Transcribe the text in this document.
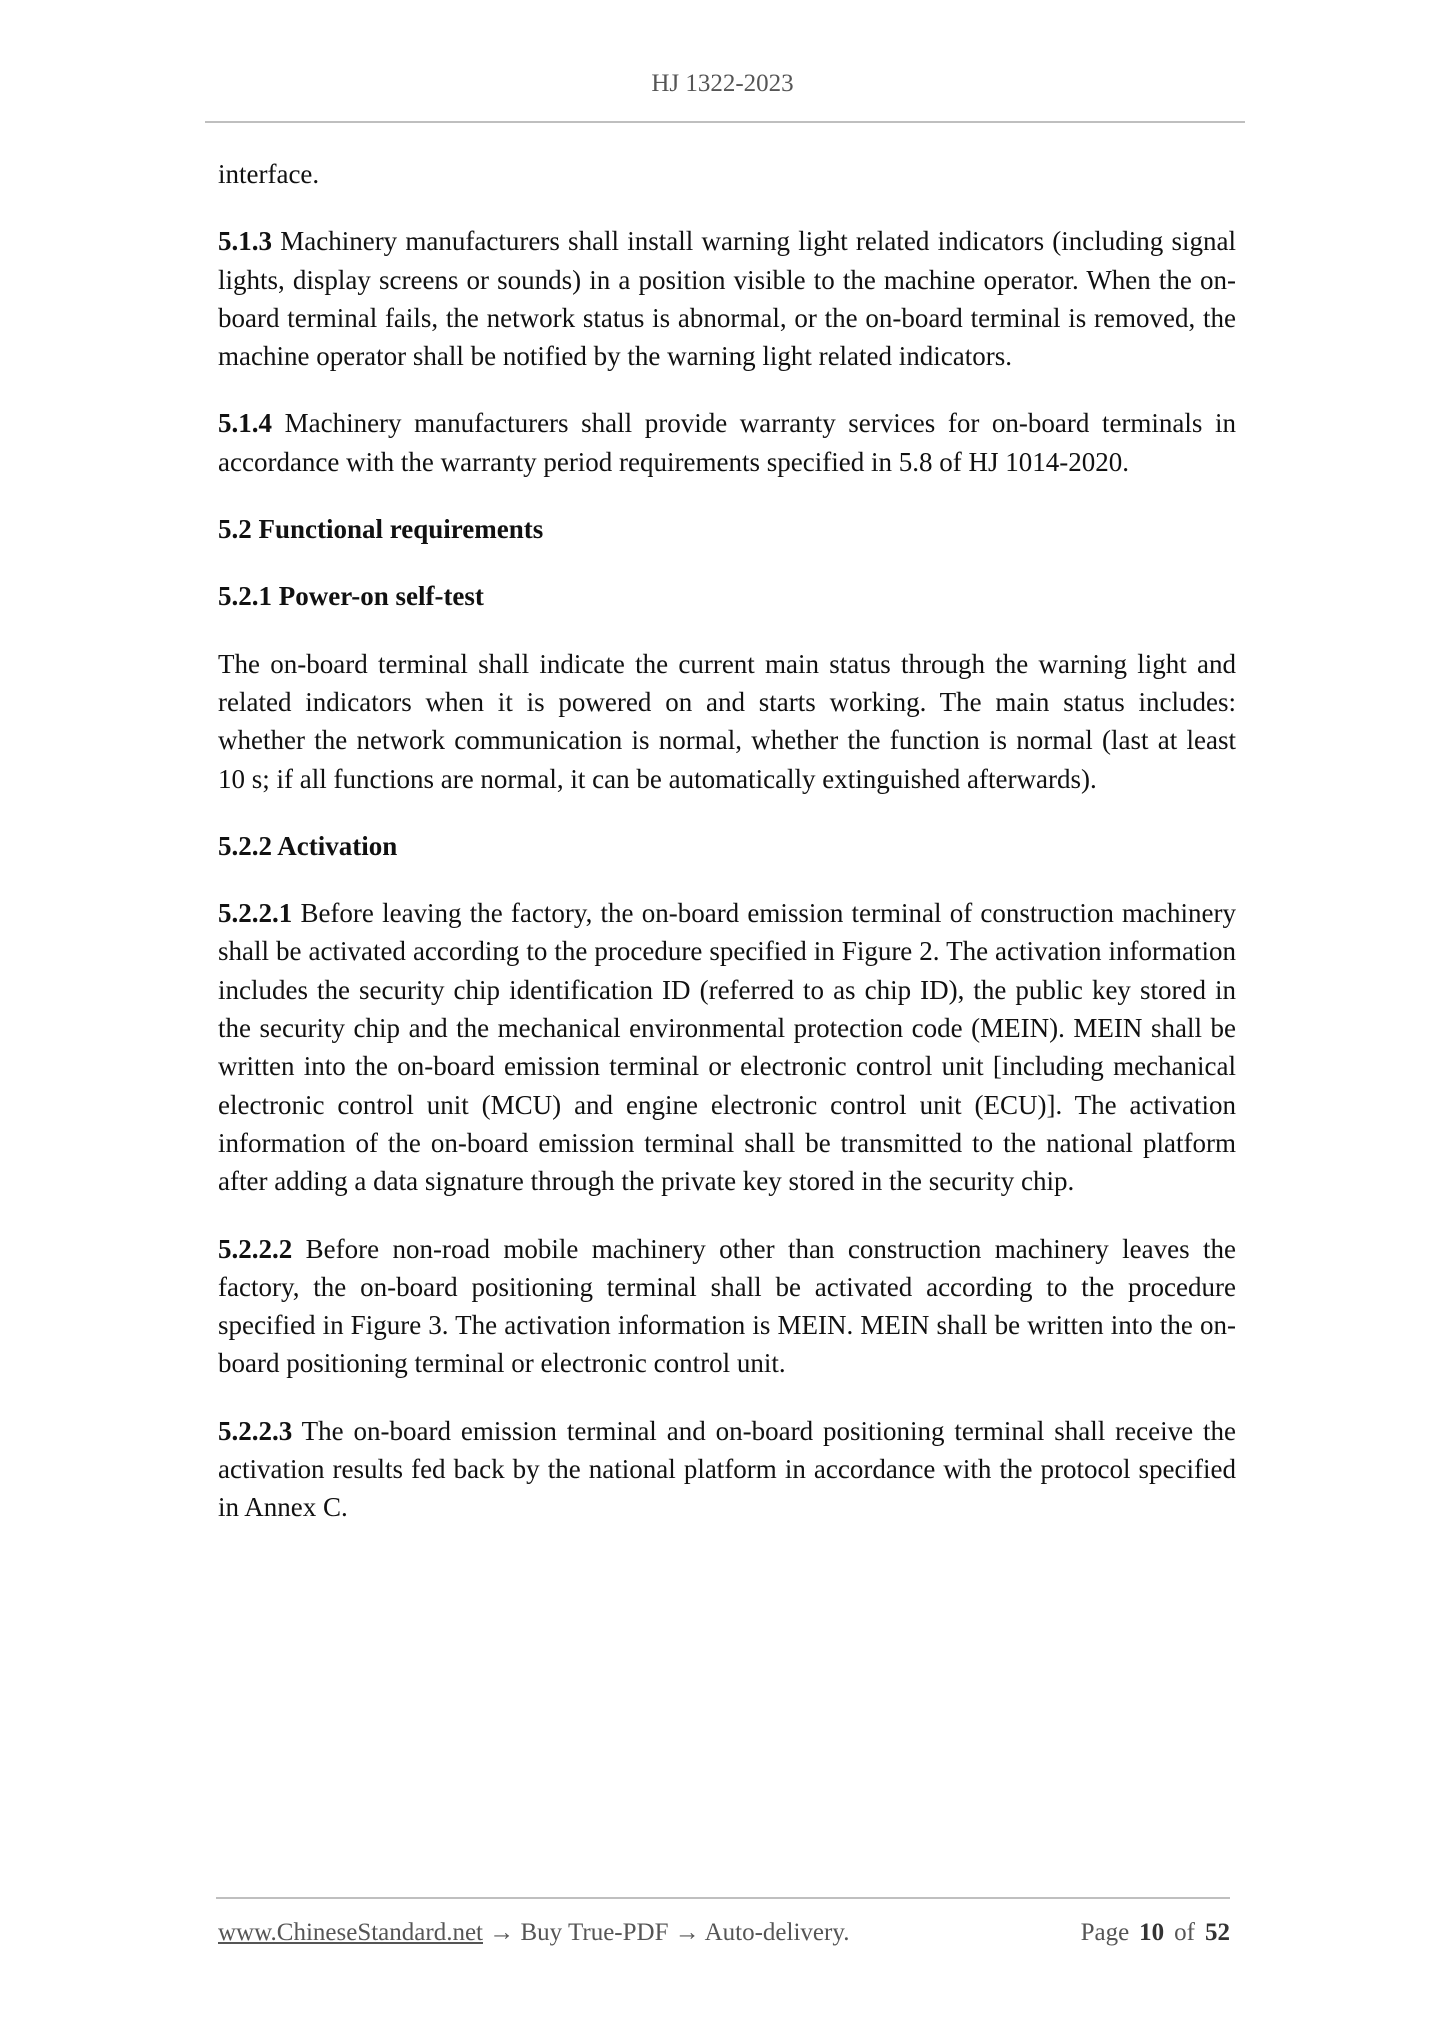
HJ 1322-2023

interface.

5.1.3 Machinery manufacturers shall install warning light related indicators (including signal lights, display screens or sounds) in a position visible to the machine operator. When the on-board terminal fails, the network status is abnormal, or the on-board terminal is removed, the machine operator shall be notified by the warning light related indicators.

5.1.4 Machinery manufacturers shall provide warranty services for on-board terminals in accordance with the warranty period requirements specified in 5.8 of HJ 1014-2020.

5.2 Functional requirements

5.2.1 Power-on self-test

The on-board terminal shall indicate the current main status through the warning light and related indicators when it is powered on and starts working. The main status includes: whether the network communication is normal, whether the function is normal (last at least 10 s; if all functions are normal, it can be automatically extinguished afterwards).

5.2.2 Activation

5.2.2.1 Before leaving the factory, the on-board emission terminal of construction machinery shall be activated according to the procedure specified in Figure 2. The activation information includes the security chip identification ID (referred to as chip ID), the public key stored in the security chip and the mechanical environmental protection code (MEIN). MEIN shall be written into the on-board emission terminal or electronic control unit [including mechanical electronic control unit (MCU) and engine electronic control unit (ECU)]. The activation information of the on-board emission terminal shall be transmitted to the national platform after adding a data signature through the private key stored in the security chip.

5.2.2.2 Before non-road mobile machinery other than construction machinery leaves the factory, the on-board positioning terminal shall be activated according to the procedure specified in Figure 3. The activation information is MEIN. MEIN shall be written into the on-board positioning terminal or electronic control unit.

5.2.2.3 The on-board emission terminal and on-board positioning terminal shall receive the activation results fed back by the national platform in accordance with the protocol specified in Annex C.

www.ChineseStandard.net → Buy True-PDF → Auto-delivery.	Page 10 of 52
